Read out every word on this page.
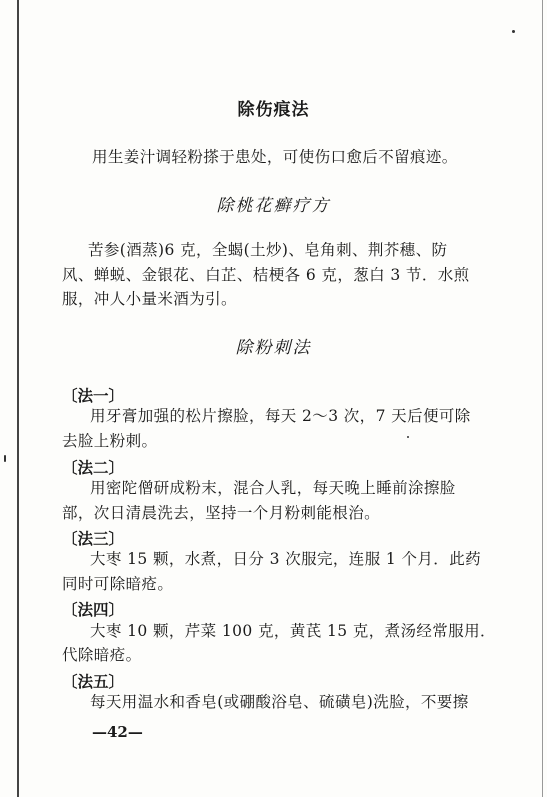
除伤痕法
用生姜汁调轻粉搽于患处，可使伤口愈后不留痕迹。
除桃花癣疗方
苦参(酒蒸)6 克，全蝎(土炒)、皂角刺、荆芥穗、防
风、蝉蜕、金银花、白芷、桔梗各 6 克，葱白 3 节．水煎
服，冲人小量米酒为引。
除粉刺法
〔法一〕
用牙膏加强的松片擦脸，每天 2～3 次，7 天后便可除
去脸上粉刺。
〔法二〕
用密陀僧研成粉末，混合人乳，每天晚上睡前涂擦脸
部，次日清晨洗去，坚持一个月粉刺能根治。
〔法三〕
大枣 15 颗，水煮，日分 3 次服完，连服 1 个月．此药
同时可除暗疮。
〔法四〕
大枣 10 颗，芹菜 100 克，黄芪 15 克，煮汤经常服用．
代除暗疮。
〔法五〕
每天用温水和香皂(或硼酸浴皂、硫磺皂)洗脸，不要擦
—42—
